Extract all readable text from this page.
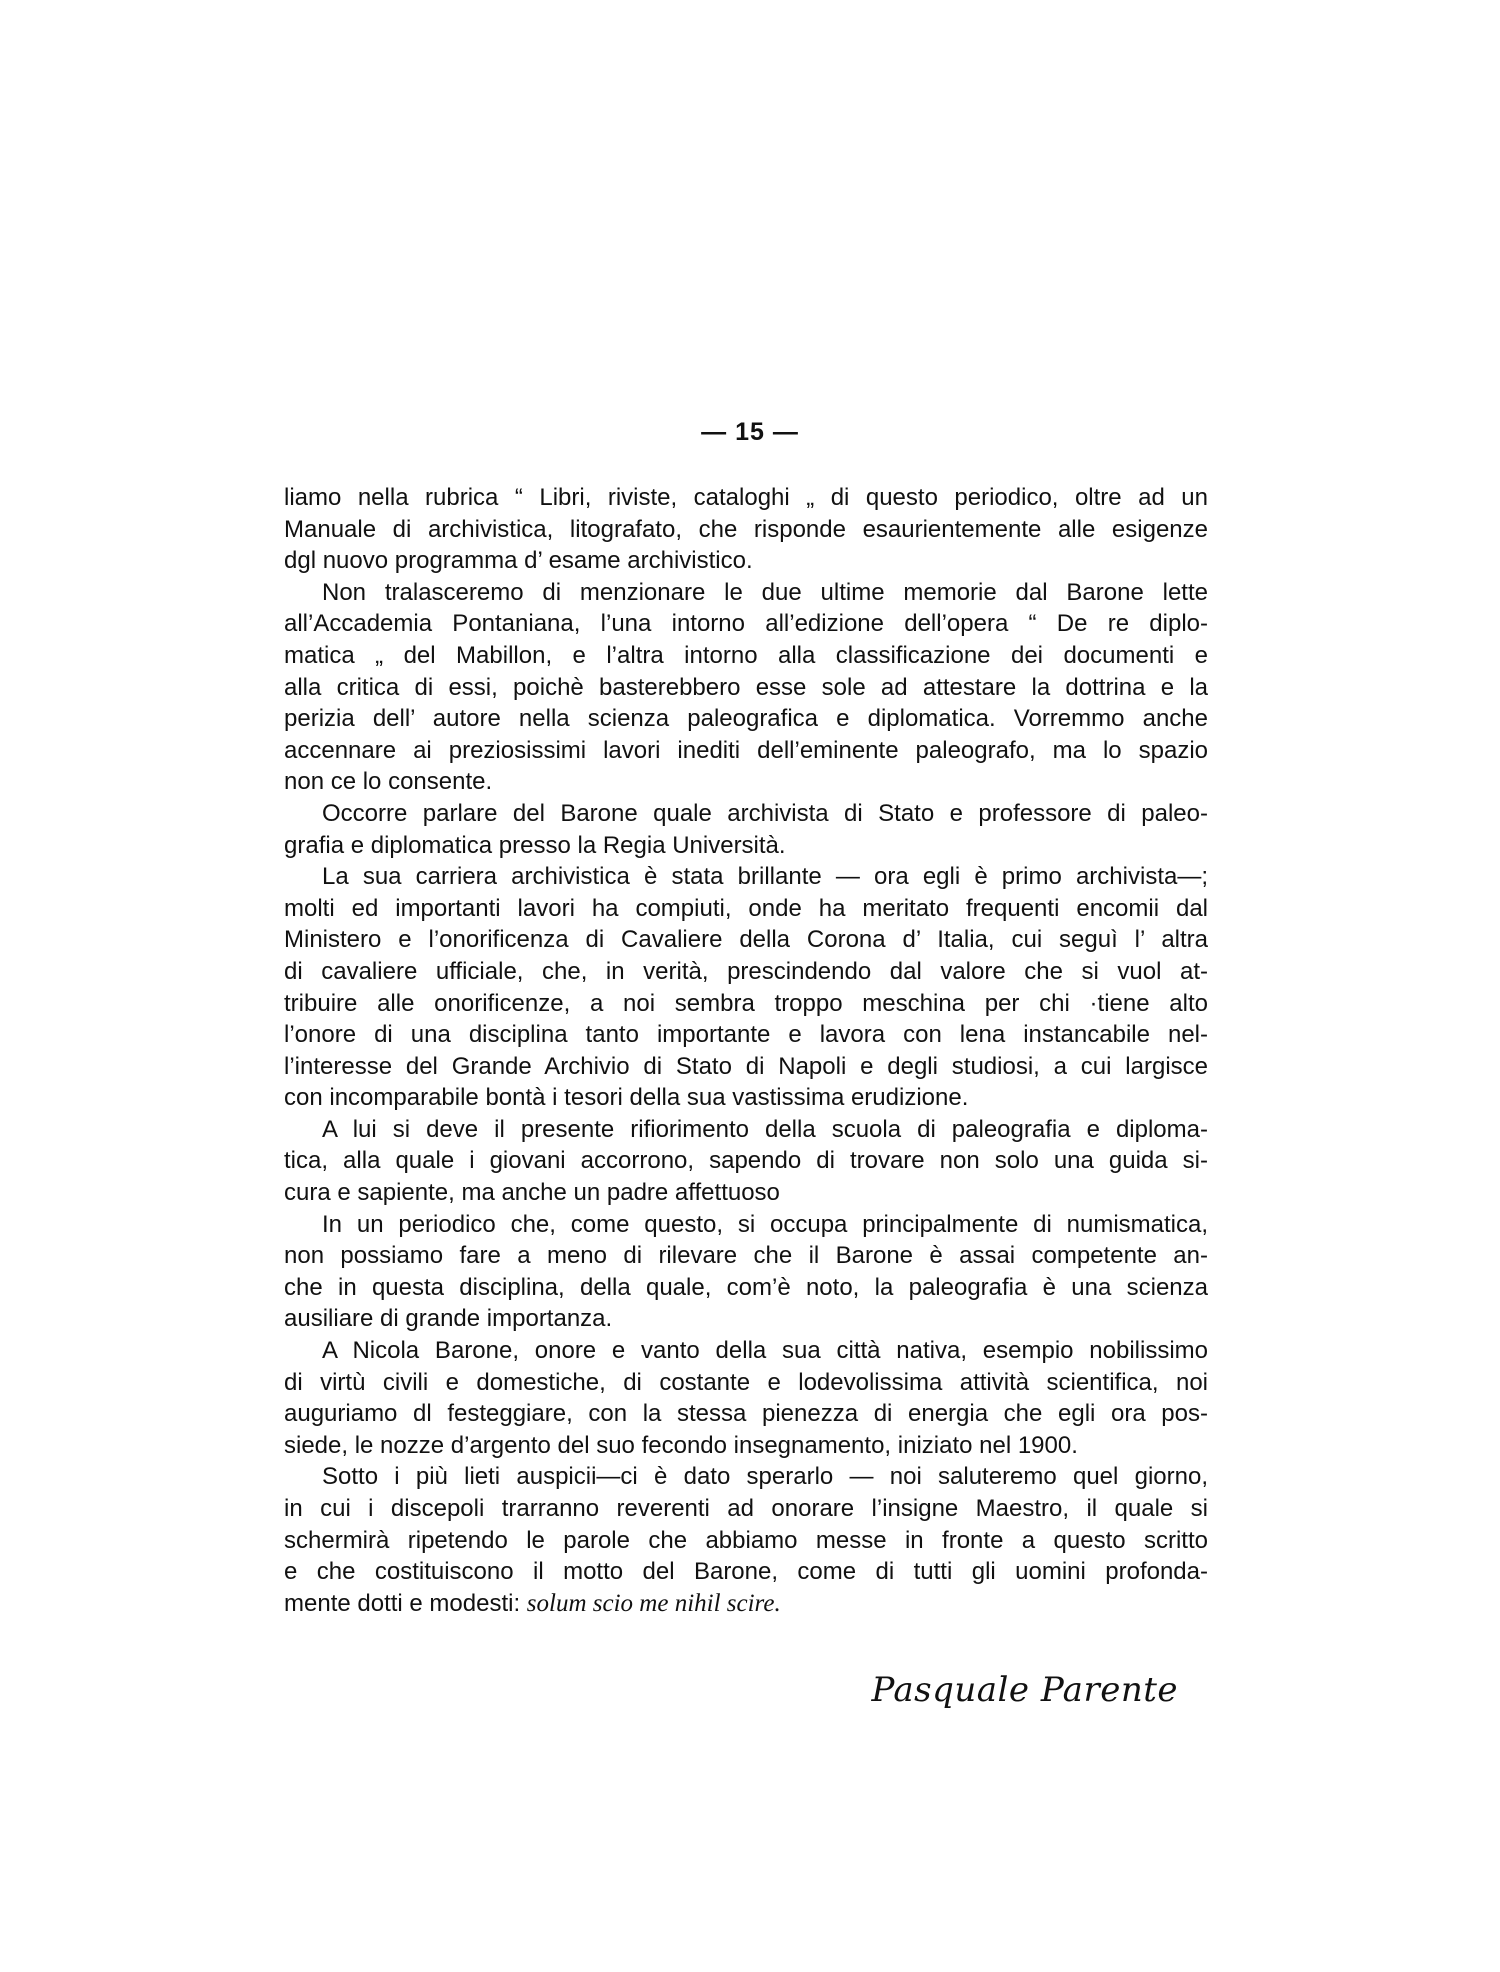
— 15 —
liamo nella rubrica “ Libri, riviste, cataloghi „ di questo periodico, oltre ad un
Manuale di archivistica, litografato, che risponde esaurientemente alle esigenze
dgl nuovo programma d’ esame archivistico.
Non tralasceremo di menzionare le due ultime memorie dal Barone lette
all’Accademia Pontaniana, l’una intorno all’edizione dell’opera “ De re diplo-
matica „ del Mabillon, e l’altra intorno alla classificazione dei documenti e
alla critica di essi, poichè basterebbero esse sole ad attestare la dottrina e la
perizia dell’ autore nella scienza paleografica e diplomatica. Vorremmo anche
accennare ai preziosissimi lavori inediti dell’eminente paleografo, ma lo spazio
non ce lo consente.
Occorre parlare del Barone quale archivista di Stato e professore di paleo-
grafia e diplomatica presso la Regia Università.
La sua carriera archivistica è stata brillante — ora egli è primo archivista—;
molti ed importanti lavori ha compiuti, onde ha meritato frequenti encomii dal
Ministero e l’onorificenza di Cavaliere della Corona d’ Italia, cui seguì l’ altra
di cavaliere ufficiale, che, in verità, prescindendo dal valore che si vuol at-
tribuire alle onorificenze, a noi sembra troppo meschina per chi ·tiene alto
l’onore di una disciplina tanto importante e lavora con lena instancabile nel-
l’interesse del Grande Archivio di Stato di Napoli e degli studiosi, a cui largisce
con incomparabile bontà i tesori della sua vastissima erudizione.
A lui si deve il presente rifiorimento della scuola di paleografia e diploma-
tica, alla quale i giovani accorrono, sapendo di trovare non solo una guida si-
cura e sapiente, ma anche un padre affettuoso
In un periodico che, come questo, si occupa principalmente di numismatica,
non possiamo fare a meno di rilevare che il Barone è assai competente an-
che in questa disciplina, della quale, com’è noto, la paleografia è una scienza
ausiliare di grande importanza.
A Nicola Barone, onore e vanto della sua città nativa, esempio nobilissimo
di virtù civili e domestiche, di costante e lodevolissima attività scientifica, noi
auguriamo dl festeggiare, con la stessa pienezza di energia che egli ora pos-
siede, le nozze d’argento del suo fecondo insegnamento, iniziato nel 1900.
Sotto i più lieti auspicii—ci è dato sperarlo — noi saluteremo quel giorno,
in cui i discepoli trarranno reverenti ad onorare l’insigne Maestro, il quale si
schermirà ripetendo le parole che abbiamo messe in fronte a questo scritto
e che costituiscono il motto del Barone, come di tutti gli uomini profonda-
mente dotti e modesti: solum scio me nihil scire.
Pasquale Parente
